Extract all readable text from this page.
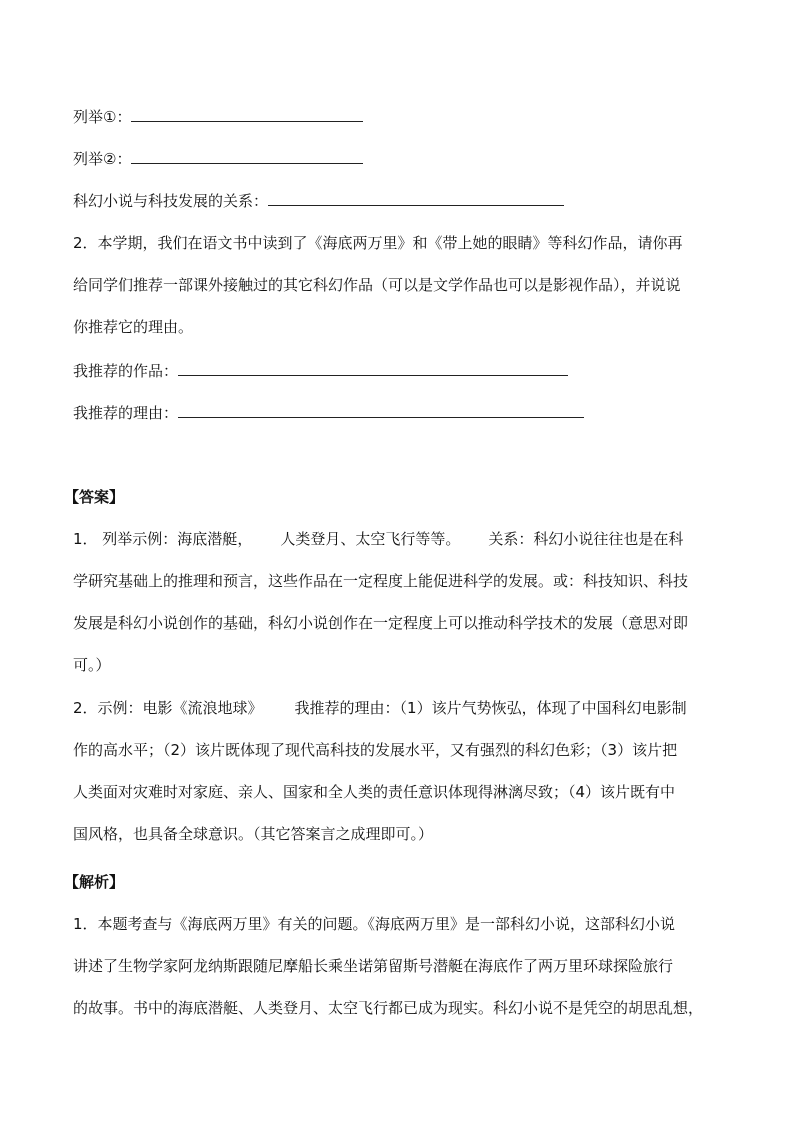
列举①：
列举②：
科幻小说与科技发展的关系：
2．本学期，我们在语文书中读到了《海底两万里》和《带上她的眼睛》等科幻作品，请你再
给同学们推荐一部课外接触过的其它科幻作品（可以是文学作品也可以是影视作品），并说说
你推荐它的理由。
我推荐的作品：
我推荐的理由：
【答案】
1． 列举示例：海底潜艇， 人类登月、太空飞行等等。 关系：科幻小说往往也是在科
学研究基础上的推理和预言，这些作品在一定程度上能促进科学的发展。或：科技知识、科技
发展是科幻小说创作的基础，科幻小说创作在一定程度上可以推动科学技术的发展（意思对即
可。）
2．示例：电影《流浪地球》 我推荐的理由：（1）该片气势恢弘，体现了中国科幻电影制
作的高水平；（2）该片既体现了现代高科技的发展水平，又有强烈的科幻色彩；（3）该片把
人类面对灾难时对家庭、亲人、国家和全人类的责任意识体现得淋漓尽致；（4）该片既有中
国风格，也具备全球意识。（其它答案言之成理即可。）
【解析】
1．本题考查与《海底两万里》有关的问题。《海底两万里》是一部科幻小说，这部科幻小说
讲述了生物学家阿龙纳斯跟随尼摩船长乘坐诺第留斯号潜艇在海底作了两万里环球探险旅行
的故事。书中的海底潜艇、人类登月、太空飞行都已成为现实。科幻小说不是凭空的胡思乱想，
